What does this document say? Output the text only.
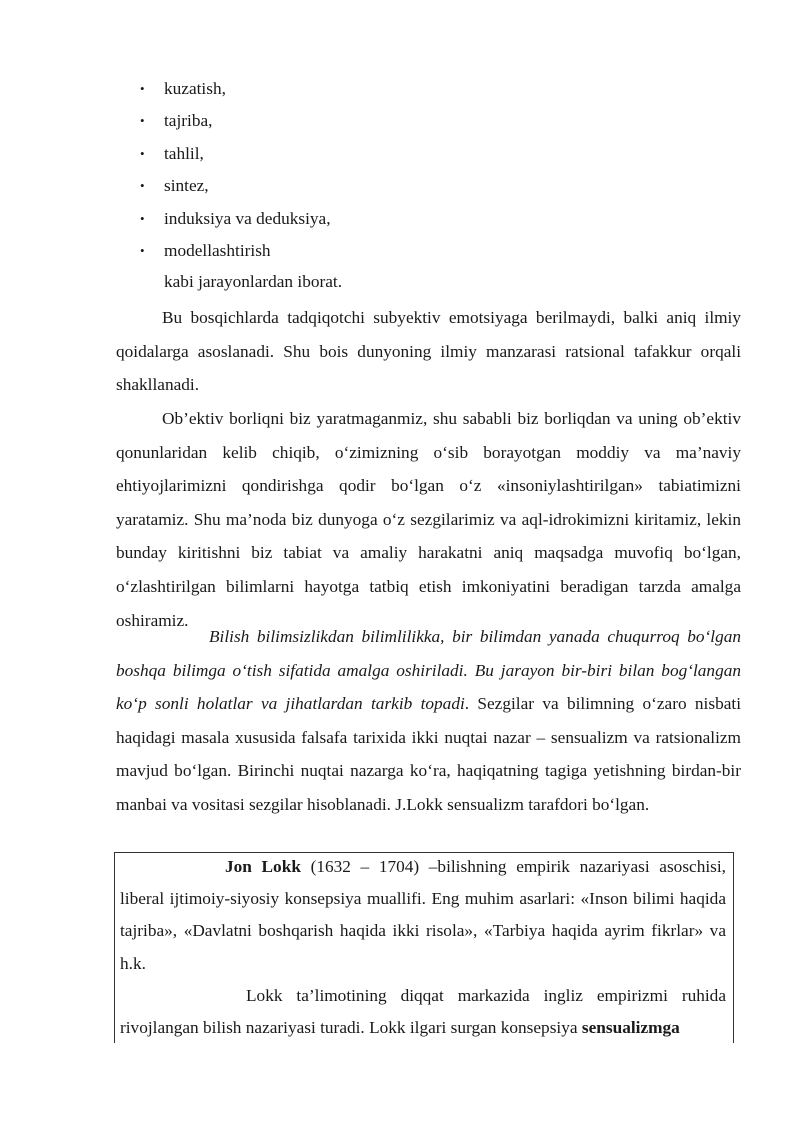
• kuzatish,
• tajriba,
• tahlil,
• sintez,
• induksiya va deduksiya,
• modellashtirish
kabi jarayonlardan iborat.

Bu bosqichlarda tadqiqotchi subyektiv emotsiyaga berilmaydi, balki aniq ilmiy qoidalarga asoslanadi. Shu bois dunyoning ilmiy manzarasi ratsional tafakkur orqali shakllanadi.

Ob’ektiv borliqni biz yaratmaganmiz, shu sababli biz borliqdan va uning ob’ektiv qonunlaridan kelib chiqib, o‘zimizning o‘sib borayotgan moddiy va ma’naviy ehtiyojlarimizni qondirishga qodir bo‘lgan o‘z «insoniylashtirilgan» tabiatimizni yaratamiz. Shu ma’noda biz dunyoga o‘z sezgilarimiz va aql-idrokimizni kiritamiz, lekin bunday kiritishni biz tabiat va amaliy harakatni aniq maqsadga muvofiq bo‘lgan, o‘zlashtirilgan bilimlarni hayotga tatbiq etish imkoniyatini beradigan tarzda amalga oshiramiz.

Bilish bilimsizlikdan bilimlilikka, bir bilimdan yanada chuqurroq bo‘lgan boshqa bilimga o‘tish sifatida amalga oshiriladi. Bu jarayon bir-biri bilan bog‘langan ko‘p sonli holatlar va jihatlardan tarkib topadi. Sezgilar va bilimning o‘zaro nisbati haqidagi masala xususida falsafa tarixida ikki nuqtai nazar – sensualizm va ratsionalizm mavjud bo‘lgan. Birinchi nuqtai nazarga ko‘ra, haqiqatning tagiga yetishning birdan-bir manbai va vositasi sezgilar hisoblanadi. J.Lokk sensualizm tarafdori bo‘lgan.

Jon Lokk (1632 – 1704) –bilishning empirik nazariyasi asoschisi, liberal ijtimoiy-siyosiy konsepsiya muallifi. Eng muhim asarlari: «Inson bilimi haqida tajriba», «Davlatni boshqarish haqida ikki risola», «Tarbiya haqida ayrim fikrlar» va h.k.

Lokk ta’limotining diqqat markazida ingliz empirizmi ruhida rivojlangan bilish nazariyasi turadi. Lokk ilgari surgan konsepsiya sensualizmga
